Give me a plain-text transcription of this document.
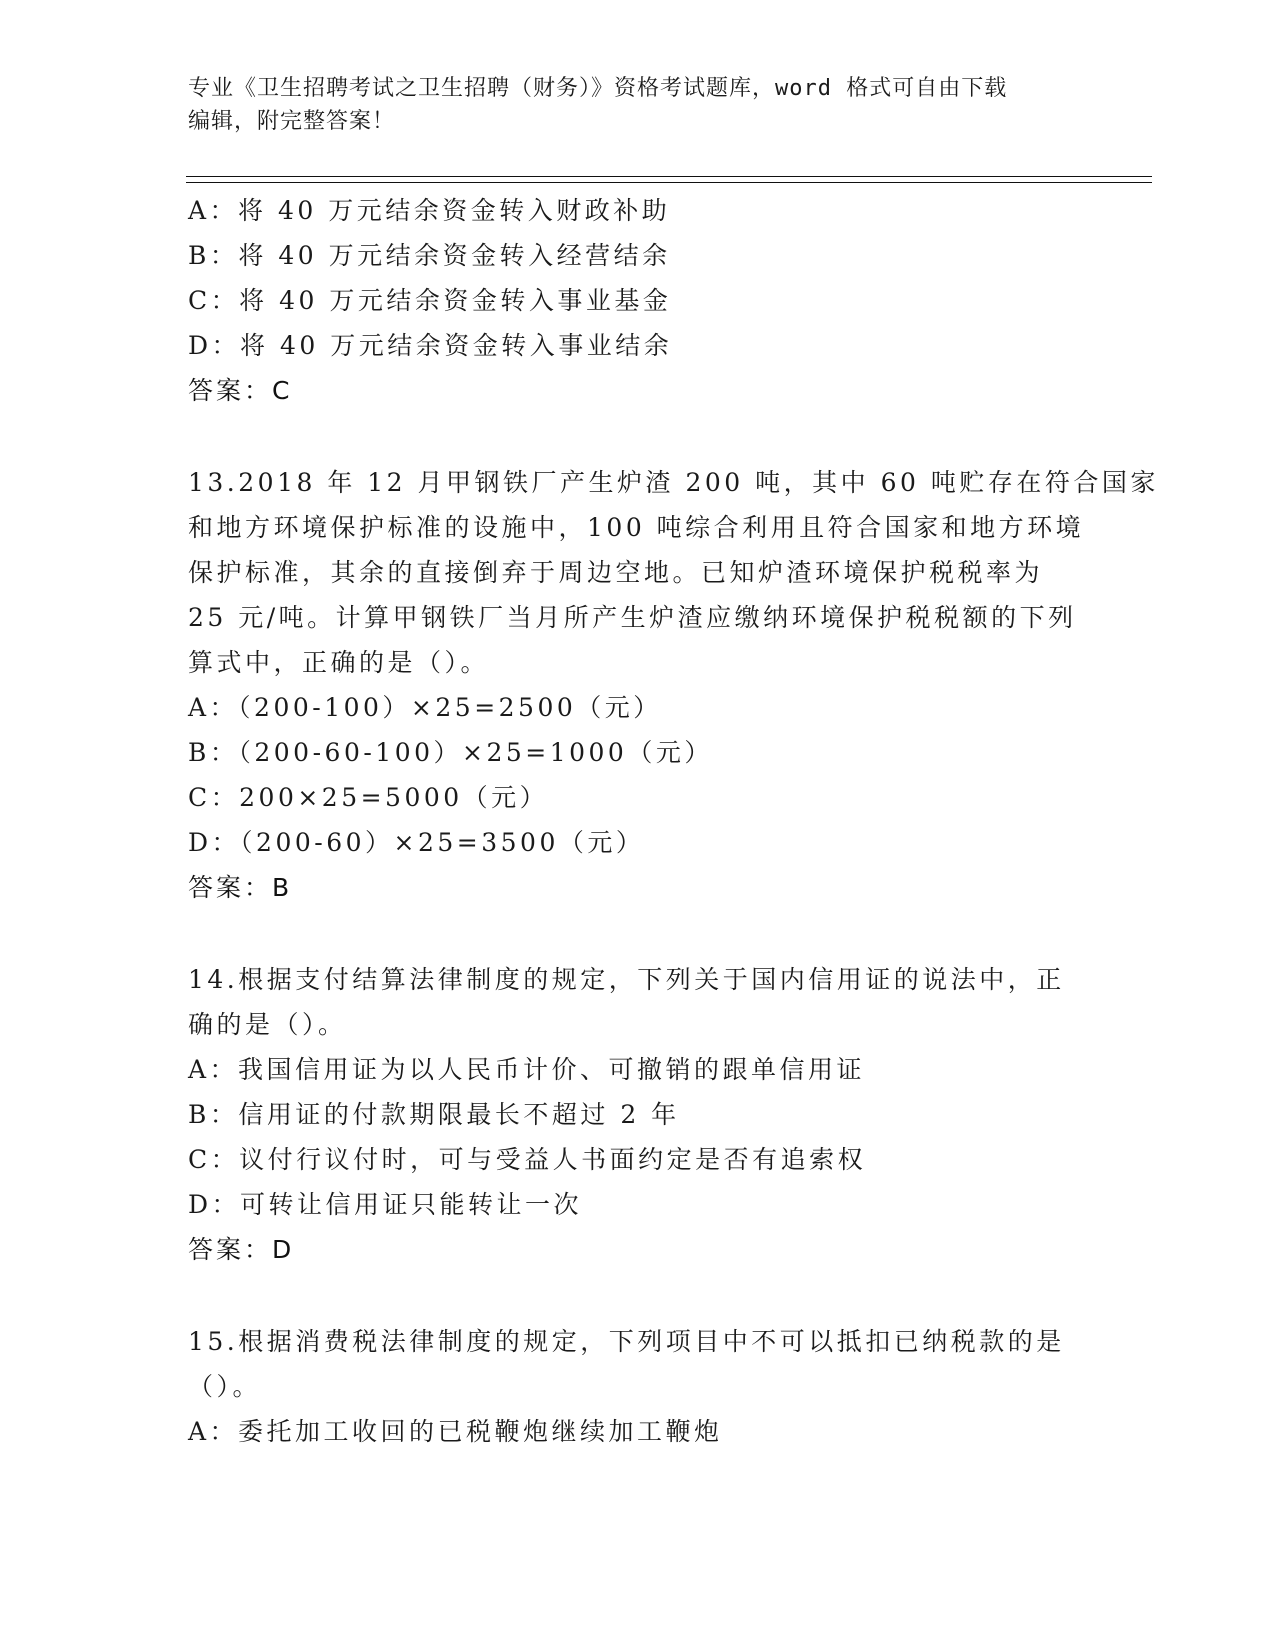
专业《卫生招聘考试之卫生招聘（财务）》资格考试题库，word 格式可自由下载
编辑，附完整答案！
A：将 40 万元结余资金转入财政补助
B：将 40 万元结余资金转入经营结余
C：将 40 万元结余资金转入事业基金
D：将 40 万元结余资金转入事业结余
答案：C
13.2018 年 12 月甲钢铁厂产生炉渣 200 吨，其中 60 吨贮存在符合国家
和地方环境保护标准的设施中，100 吨综合利用且符合国家和地方环境
保护标准，其余的直接倒弃于周边空地。已知炉渣环境保护税税率为
25 元/吨。计算甲钢铁厂当月所产生炉渣应缴纳环境保护税税额的下列
算式中，正确的是（）。
A：（200-100）×25=2500（元）
B：（200-60-100）×25=1000（元）
C：200×25=5000（元）
D：（200-60）×25=3500（元）
答案：B
14.根据支付结算法律制度的规定，下列关于国内信用证的说法中，正
确的是（）。
A：我国信用证为以人民币计价、可撤销的跟单信用证
B：信用证的付款期限最长不超过 2 年
C：议付行议付时，可与受益人书面约定是否有追索权
D：可转让信用证只能转让一次
答案：D
15.根据消费税法律制度的规定，下列项目中不可以抵扣已纳税款的是
（）。
A：委托加工收回的已税鞭炮继续加工鞭炮
